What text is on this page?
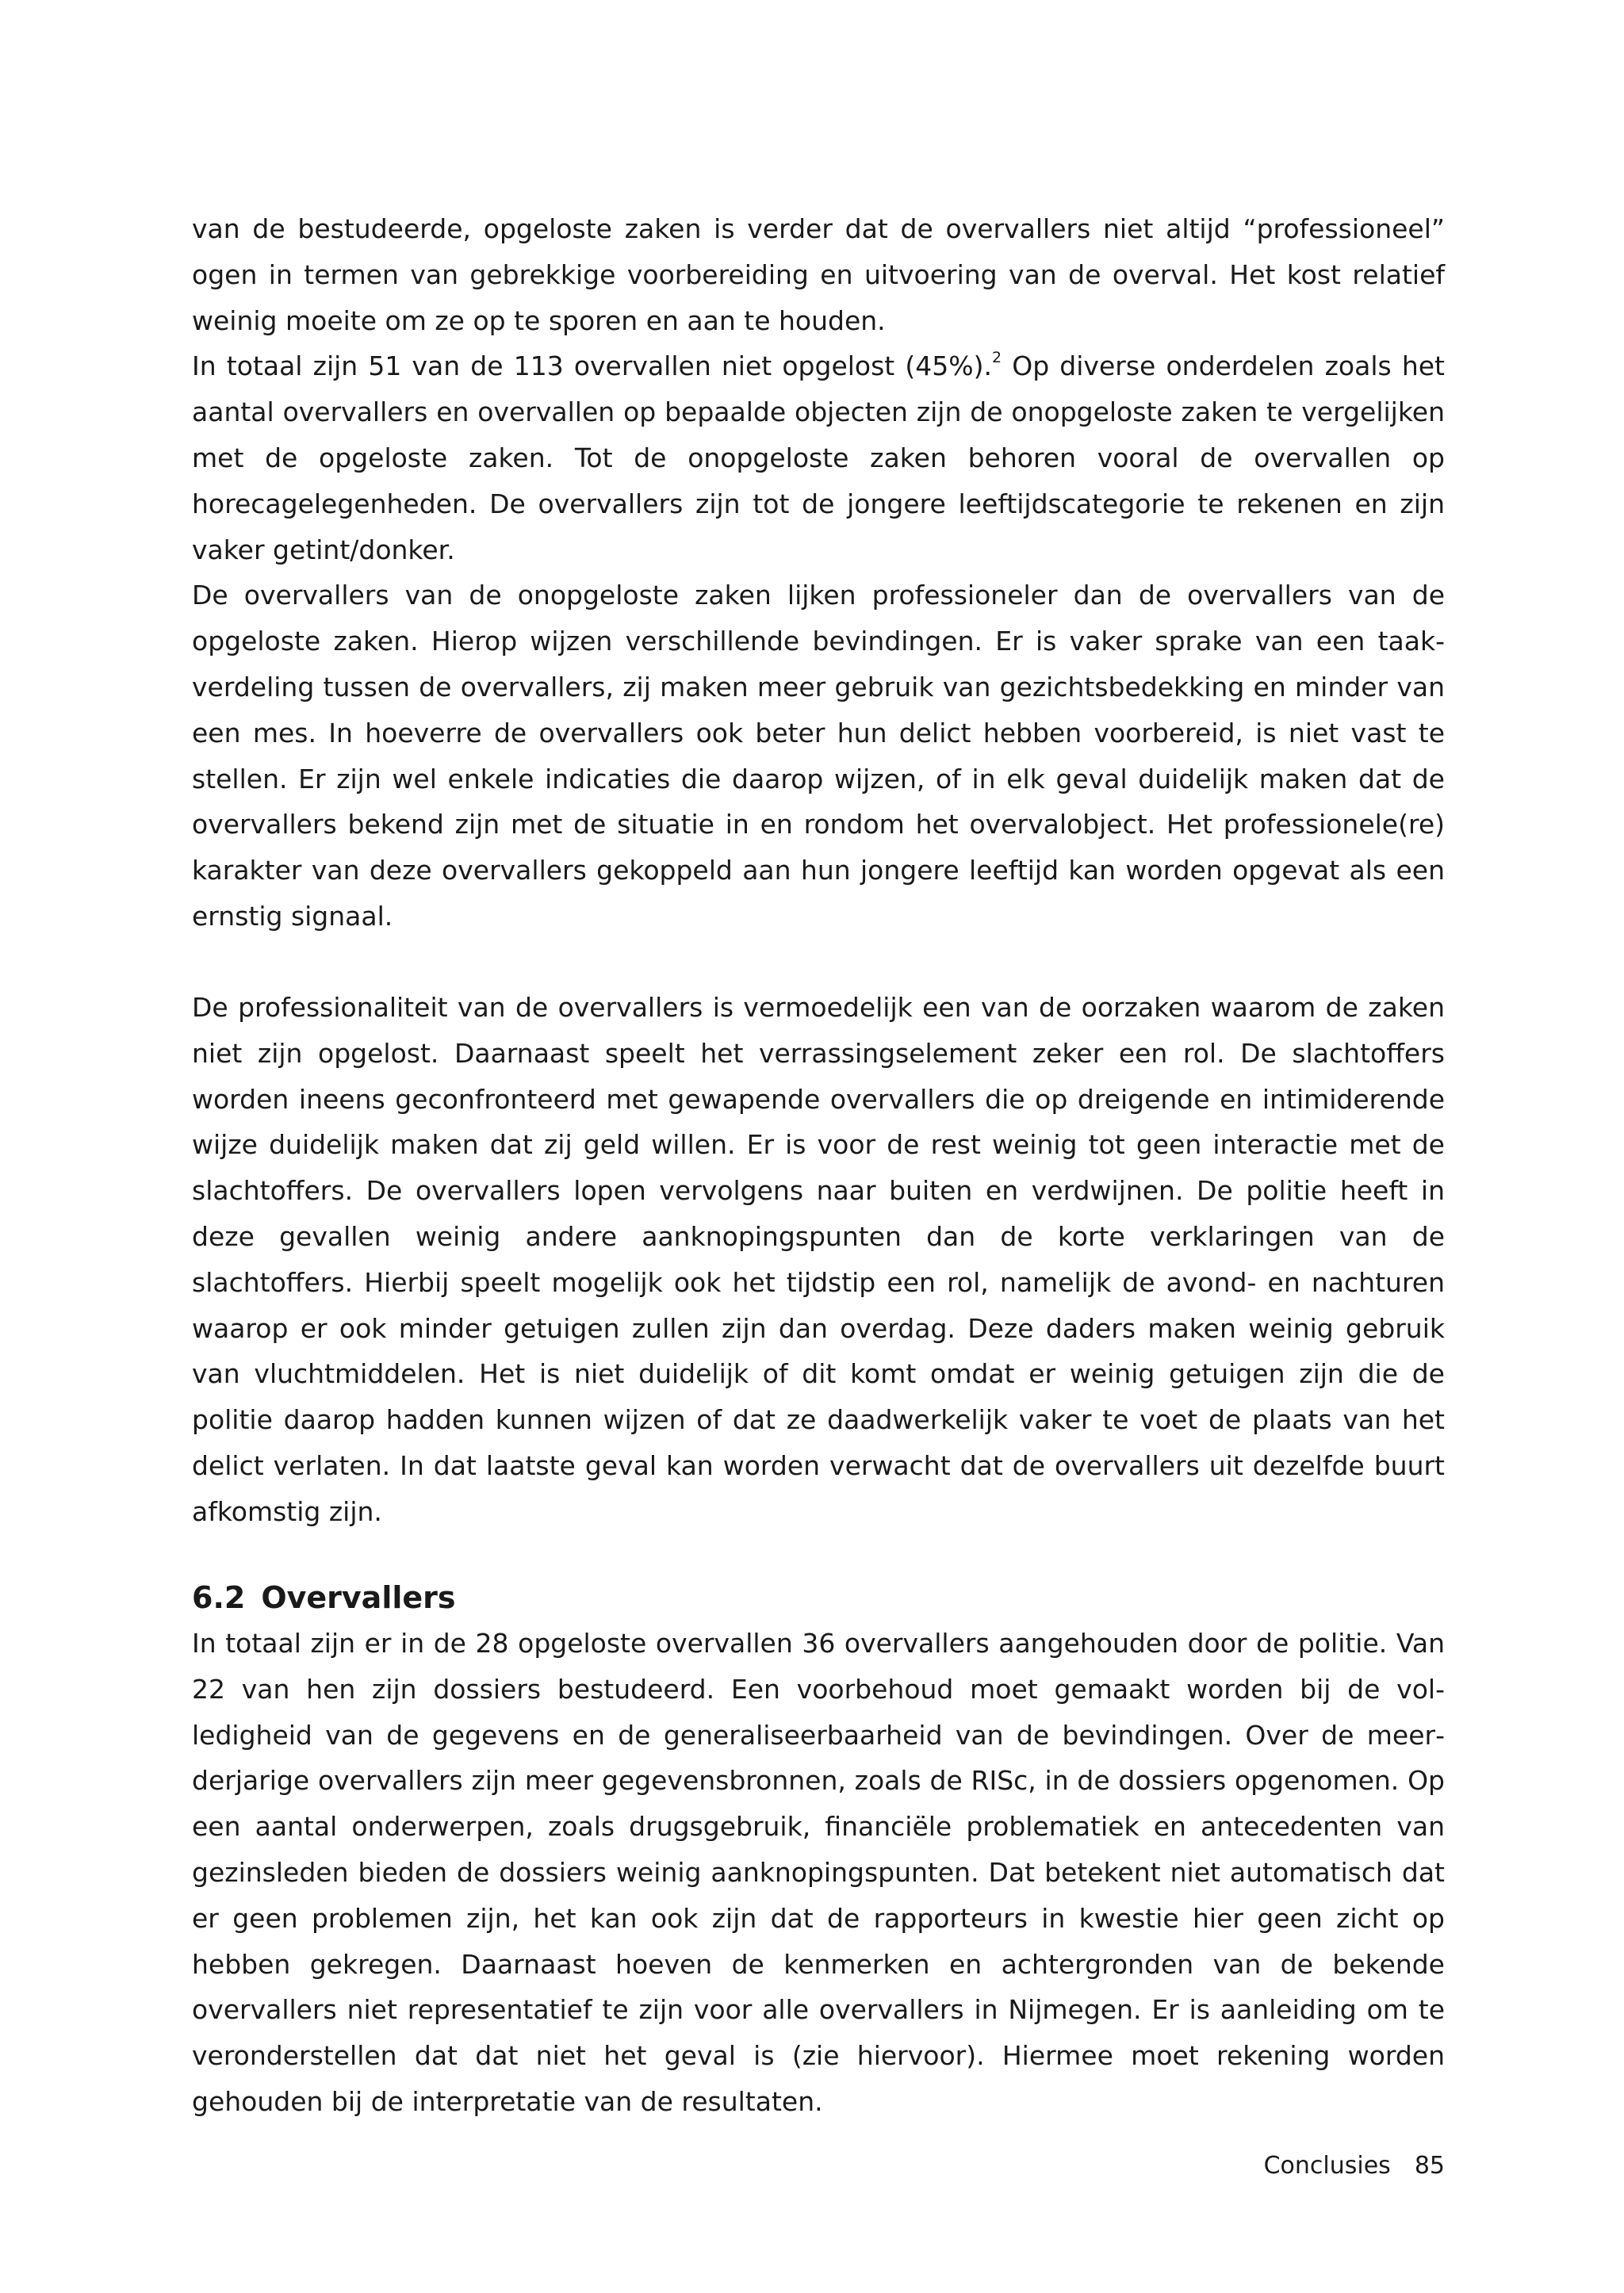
van de bestudeerde, opgeloste zaken is verder dat de overvallers niet altijd “professioneel” ogen in termen van gebrekkige voorbereiding en uitvoering van de overval. Het kost relatief weinig moeite om ze op te sporen en aan te houden.

In totaal zijn 51 van de 113 overvallen niet opgelost (45%).$^2$ Op diverse onderdelen zoals het aantal overvallers en overvallen op bepaalde objecten zijn de onopgeloste zaken te vergelijken met de opgeloste zaken. Tot de onopgeloste zaken behoren vooral de overvallen op horecagelegenheden. De overvallers zijn tot de jongere leeftijdscategorie te rekenen en zijn vaker getint/donker.

De overvallers van de onopgeloste zaken lijken professioneler dan de overvallers van de opgeloste zaken. Hierop wijzen verschillende bevindingen. Er is vaker sprake van een taakverdeling tussen de overvallers, zij maken meer gebruik van gezichtsbedekking en minder van een mes. In hoeverre de overvallers ook beter hun delict hebben voorbereid, is niet vast te stellen. Er zijn wel enkele indicaties die daarop wijzen, of in elk geval duidelijk maken dat de overvallers bekend zijn met de situatie in en rondom het overvalobject. Het professionele(re) karakter van deze overvallers gekoppeld aan hun jongere leeftijd kan worden opgevat als een ernstig signaal.

De professionaliteit van de overvallers is vermoedelijk een van de oorzaken waarom de zaken niet zijn opgelost. Daarnaast speelt het verrassingselement zeker een rol. De slachtoffers worden ineens geconfronteerd met gewapende overvallers die op dreigende en intimiderende wijze duidelijk maken dat zij geld willen. Er is voor de rest weinig tot geen interactie met de slachtoffers. De overvallers lopen vervolgens naar buiten en verdwijnen. De politie heeft in deze gevallen weinig andere aanknopingspunten dan de korte verklaringen van de slachtoffers. Hierbij speelt mogelijk ook het tijdstip een rol, namelijk de avond- en nachturen waarop er ook minder getuigen zullen zijn dan overdag. Deze daders maken weinig gebruik van vluchtmiddelen. Het is niet duidelijk of dit komt omdat er weinig getuigen zijn die de politie daarop hadden kunnen wijzen of dat ze daadwerkelijk vaker te voet de plaats van het delict verlaten. In dat laatste geval kan worden verwacht dat de overvallers uit dezelfde buurt afkomstig zijn.

6.2 Overvallers

In totaal zijn er in de 28 opgeloste overvallen 36 overvallers aangehouden door de politie. Van 22 van hen zijn dossiers bestudeerd. Een voorbehoud moet gemaakt worden bij de volledigheid van de gegevens en de generaliseerbaarheid van de bevindingen. Over de meerderjarige overvallers zijn meer gegevensbronnen, zoals de RISc, in de dossiers opgenomen. Op een aantal onderwerpen, zoals drugsgebruik, financiële problematiek en antecedenten van gezinsleden bieden de dossiers weinig aanknopingspunten. Dat betekent niet automatisch dat er geen problemen zijn, het kan ook zijn dat de rapporteurs in kwestie hier geen zicht op hebben gekregen. Daarnaast hoeven de kenmerken en achtergronden van de bekende overvallers niet representatief te zijn voor alle overvallers in Nijmegen. Er is aanleiding om te veronderstellen dat dat niet het geval is (zie hiervoor). Hiermee moet rekening worden gehouden bij de interpretatie van de resultaten.

Conclusies 85
